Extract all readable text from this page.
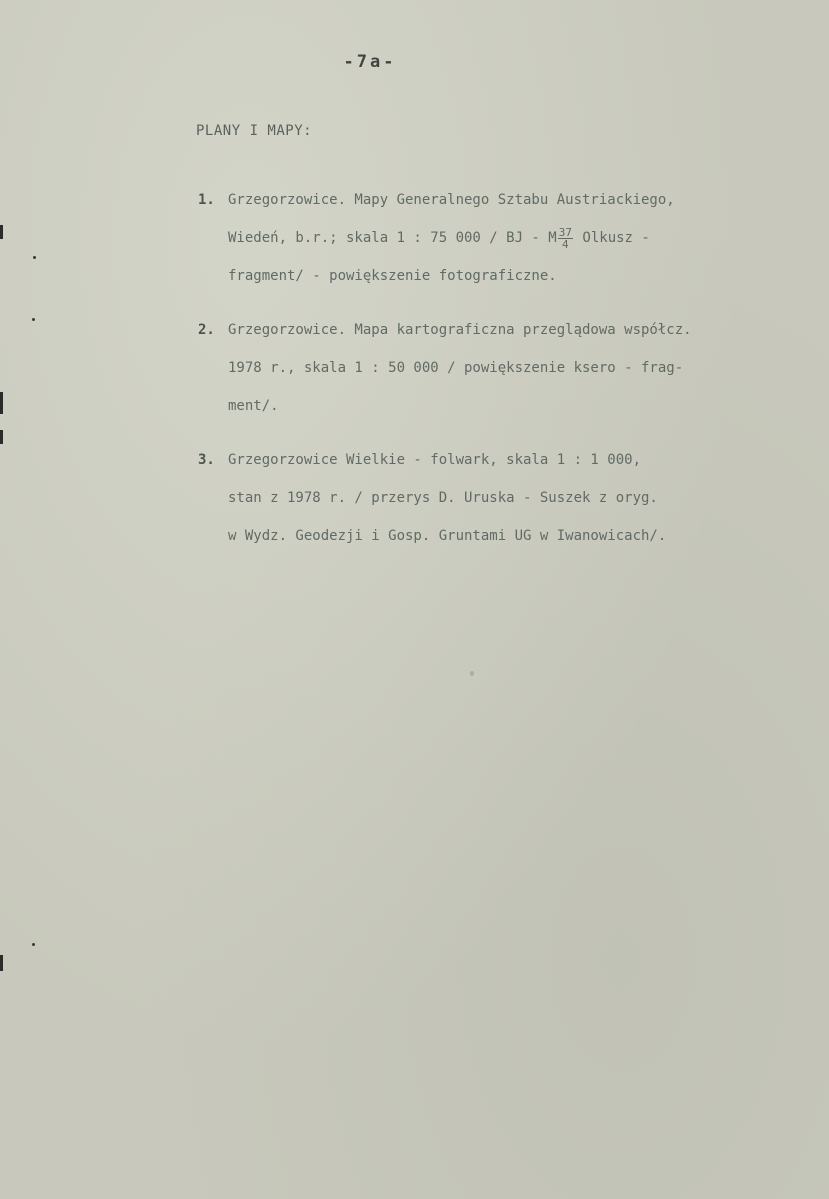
-7a-
PLANY I MAPY:
1. Grzegorzowice. Mapy Generalnego Sztabu Austriackiego,
Wiedeń, b.r.; skala 1 : 75 000 / BJ - M $\frac{37}{4}$ Olkusz -
fragment/ - powiększenie fotograficzne.
2. Grzegorzowice. Mapa kartograficzna przeglądowa współcz.
1978 r., skala 1 : 50 000 / powiększenie ksero - frag-
ment/.
3. Grzegorzowice Wielkie - folwark, skala 1 : 1 000,
stan z 1978 r. / przerys D. Uruska - Suszek z oryg.
w Wydz. Geodezji i Gosp. Gruntami UG w Iwanowicach/.
